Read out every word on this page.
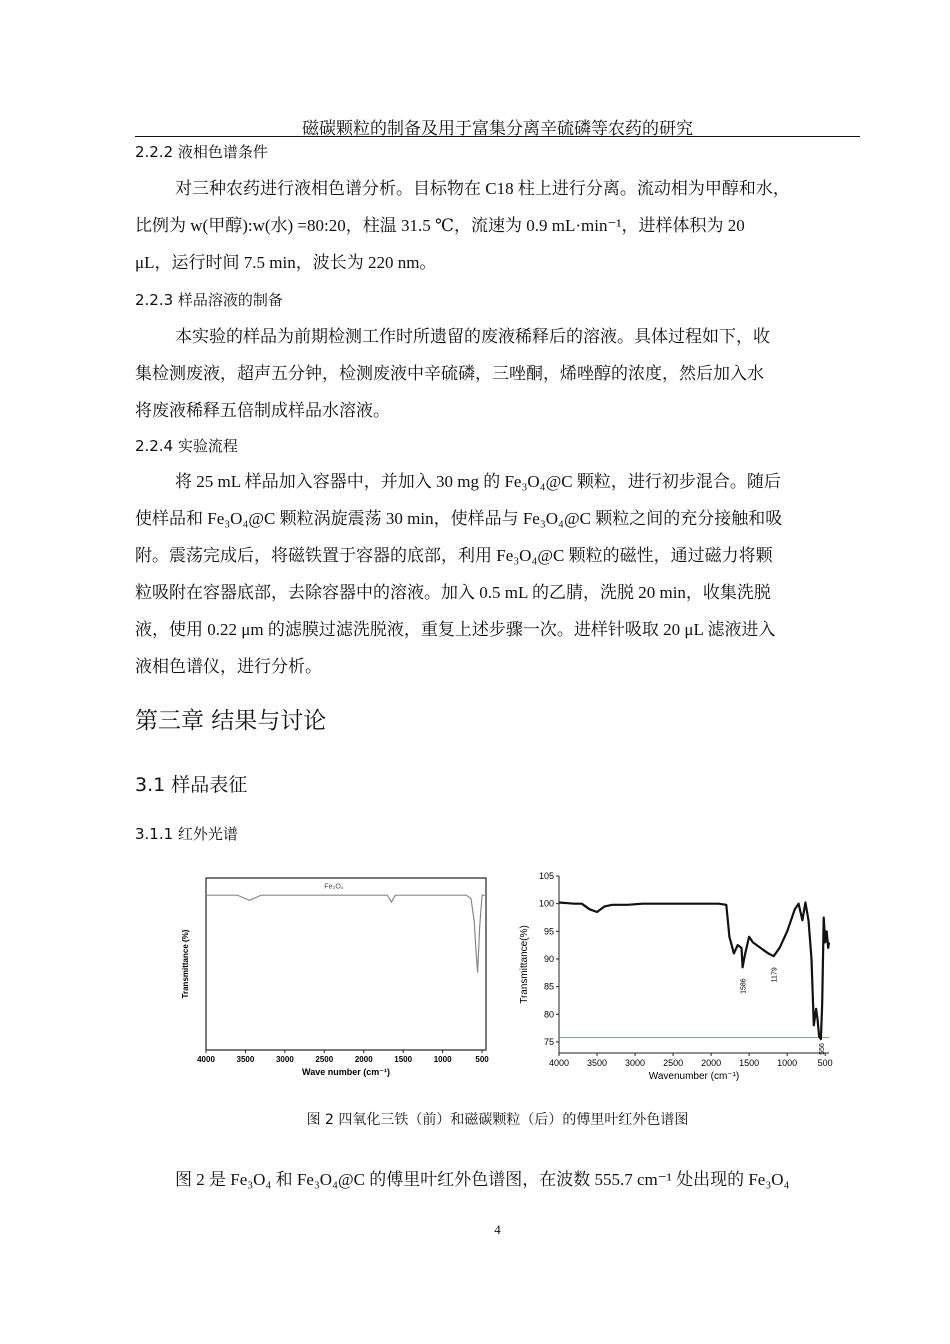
磁碳颗粒的制备及用于富集分离辛硫磷等农药的研究
2.2.2 液相色谱条件
对三种农药进行液相色谱分析。目标物在 C18 柱上进行分离。流动相为甲醇和水，
比例为 w(甲醇):w(水) =80:20，柱温 31.5 ℃，流速为 0.9 mL·min⁻¹，进样体积为 20
μL，运行时间 7.5 min，波长为 220 nm。
2.2.3 样品溶液的制备
本实验的样品为前期检测工作时所遗留的废液稀释后的溶液。具体过程如下，收
集检测废液，超声五分钟，检测废液中辛硫磷，三唑酮，烯唑醇的浓度，然后加入水
将废液稀释五倍制成样品水溶液。
2.2.4 实验流程
将 25 mL 样品加入容器中，并加入 30 mg 的 Fe₃O₄@C 颗粒，进行初步混合。随后
使样品和 Fe₃O₄@C 颗粒涡旋震荡 30 min，使样品与 Fe₃O₄@C 颗粒之间的充分接触和吸
附。震荡完成后，将磁铁置于容器的底部，利用 Fe₃O₄@C 颗粒的磁性，通过磁力将颗
粒吸附在容器底部，去除容器中的溶液。加入 0.5 mL 的乙腈，洗脱 20 min，收集洗脱
液，使用 0.22 μm 的滤膜过滤洗脱液，重复上述步骤一次。进样针吸取 20 μL 滤液进入
液相色谱仪，进行分析。
第三章 结果与讨论
3.1 样品表征
3.1.1 红外光谱
Transmittance (%)
4000	3500	3000	2500	2000	1500	1000	500
Fe₃O₄
Wave number (cm⁻¹)
Transmittance(%)
75
80
85
90
95
100
105
4000 3500 3000 2500 2000 1500 1000 500
1586
1179
556
Wavenumber (cm⁻¹)
图 2 四氧化三铁（前）和磁碳颗粒（后）的傅里叶红外色谱图
图 2 是 Fe₃O₄ 和 Fe₃O₄@C 的傅里叶红外色谱图，在波数 555.7 cm⁻¹ 处出现的 Fe₃O₄
4
